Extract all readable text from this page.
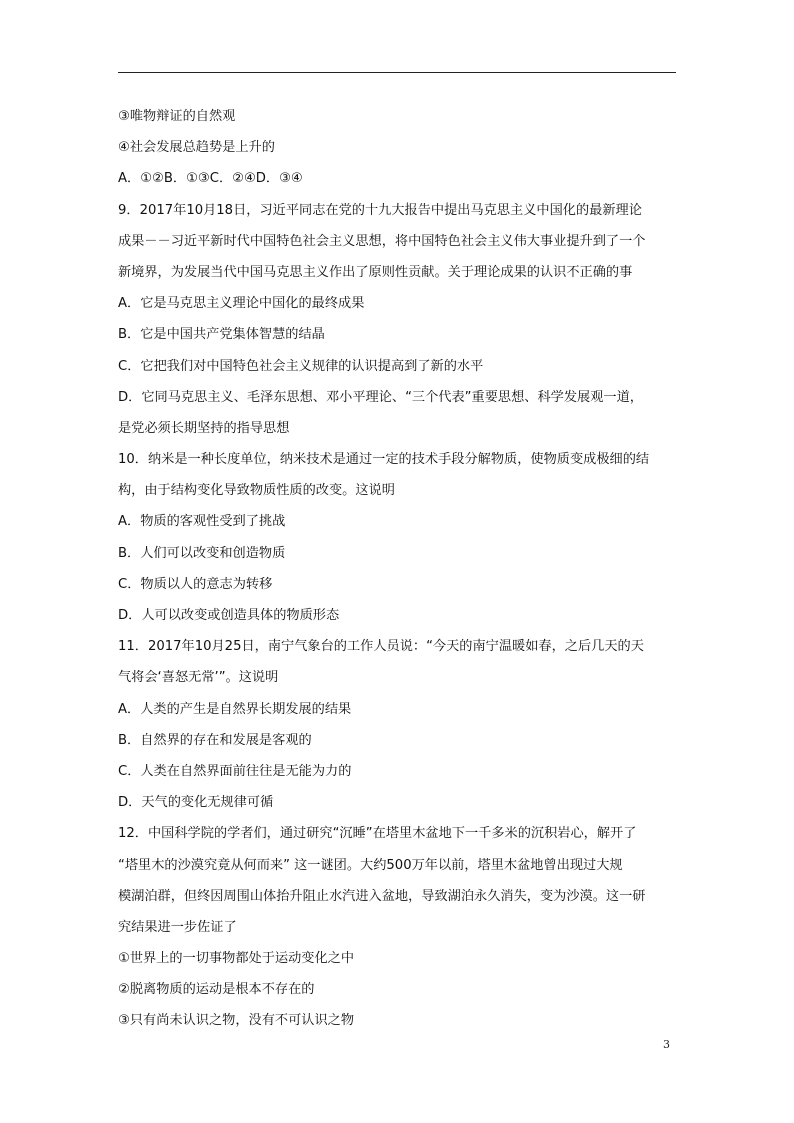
③唯物辩证的自然观
④社会发展总趋势是上升的
A．①②B．①③C．②④D．③④
9．2017年10月18日，习近平同志在党的十九大报告中提出马克思主义中国化的最新理论
成果－－习近平新时代中国特色社会主义思想，将中国特色社会主义伟大事业提升到了一个
新境界，为发展当代中国马克思主义作出了原则性贡献。关于理论成果的认识不正确的事
A．它是马克思主义理论中国化的最终成果
B．它是中国共产党集体智慧的结晶
C．它把我们对中国特色社会主义规律的认识提高到了新的水平
D．它同马克思主义、毛泽东思想、邓小平理论、“三个代表”重要思想、科学发展观一道，
是党必须长期坚持的指导思想
10．纳米是一种长度单位，纳米技术是通过一定的技术手段分解物质，使物质变成极细的结
构，由于结构变化导致物质性质的改变。这说明
A．物质的客观性受到了挑战
B．人们可以改变和创造物质
C．物质以人的意志为转移
D．人可以改变或创造具体的物质形态
11．2017年10月25日，南宁气象台的工作人员说：“今天的南宁温暖如春，之后几天的天
气将会‘喜怒无常’”。这说明
A．人类的产生是自然界长期发展的结果
B．自然界的存在和发展是客观的
C．人类在自然界面前往往是无能为力的
D．天气的变化无规律可循
12．中国科学院的学者们，通过研究“沉睡”在塔里木盆地下一千多米的沉积岩心，解开了
“塔里木的沙漠究竟从何而来” 这一谜团。大约500万年以前，塔里木盆地曾出现过大规
模湖泊群，但终因周围山体抬升阻止水汽进入盆地，导致湖泊永久消失，变为沙漠。这一研
究结果进一步佐证了
①世界上的一切事物都处于运动变化之中
②脱离物质的运动是根本不存在的
③只有尚未认识之物，没有不可认识之物
3
